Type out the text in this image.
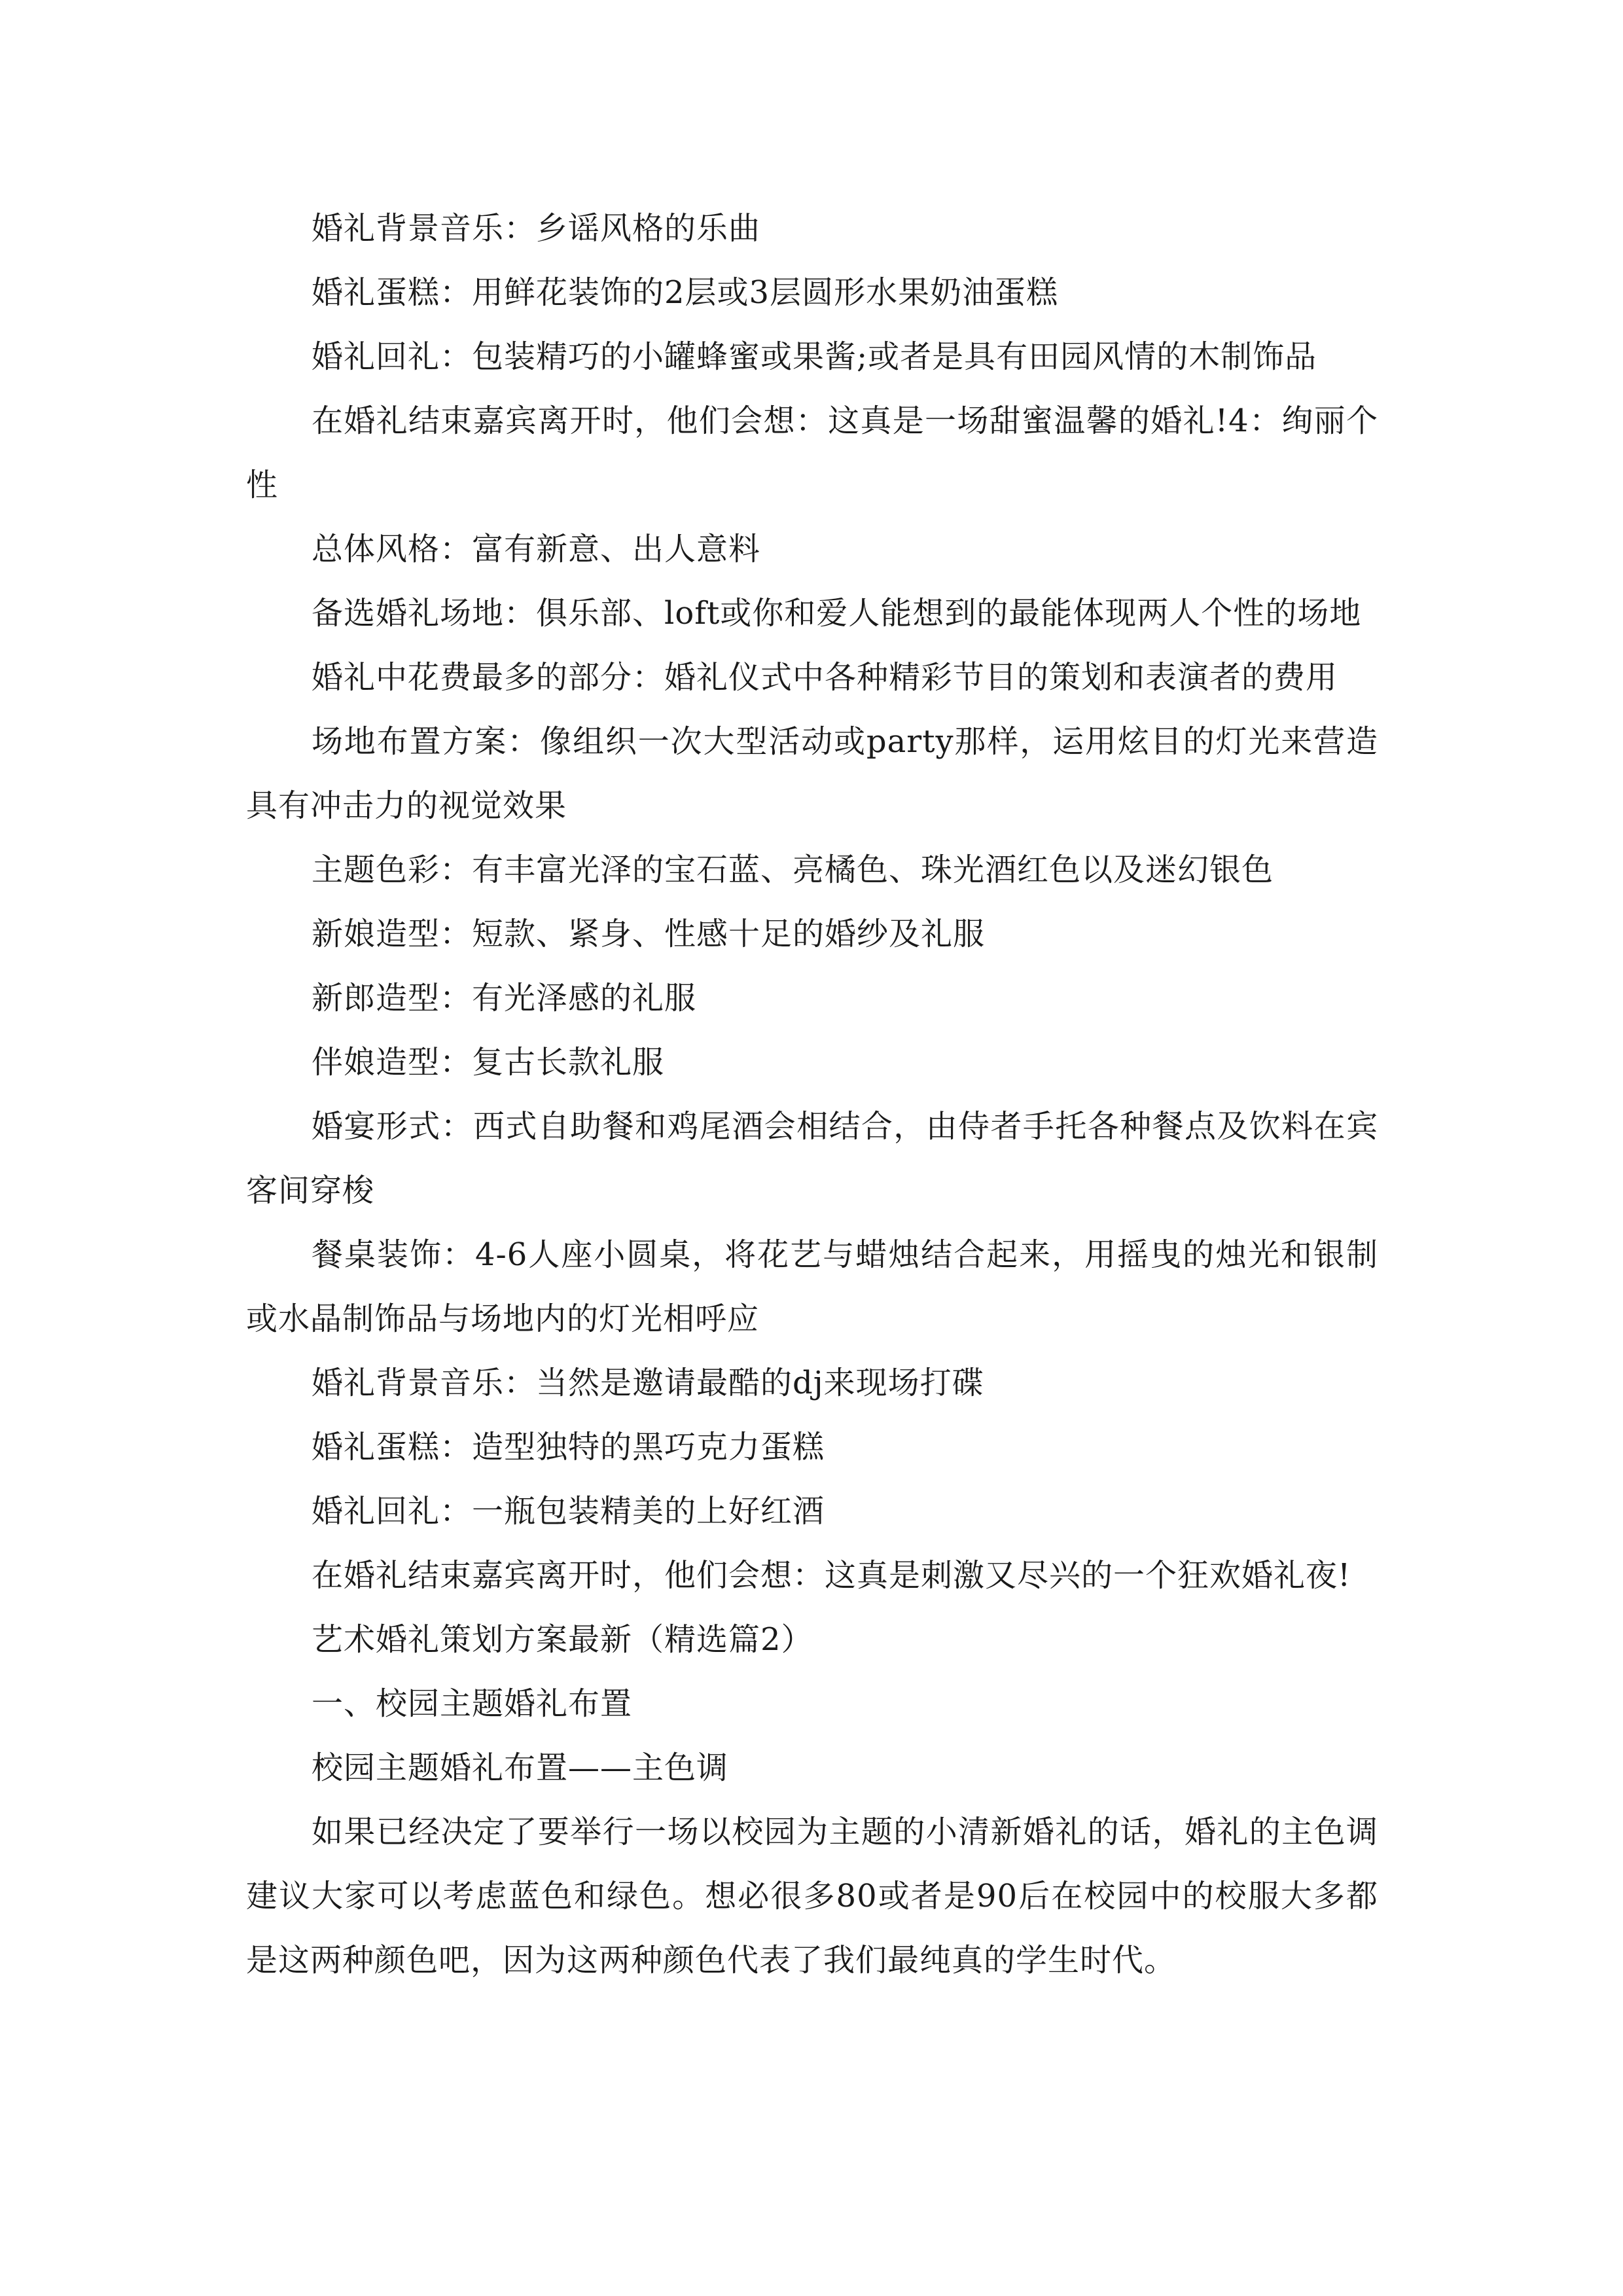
婚礼背景音乐：乡谣风格的乐曲

婚礼蛋糕：用鲜花装饰的2层或3层圆形水果奶油蛋糕

婚礼回礼：包装精巧的小罐蜂蜜或果酱;或者是具有田园风情的木制饰品

在婚礼结束嘉宾离开时，他们会想：这真是一场甜蜜温馨的婚礼!4：绚丽个性

总体风格：富有新意、出人意料

备选婚礼场地：俱乐部、loft或你和爱人能想到的最能体现两人个性的场地

婚礼中花费最多的部分：婚礼仪式中各种精彩节目的策划和表演者的费用

场地布置方案：像组织一次大型活动或party那样，运用炫目的灯光来营造具有冲击力的视觉效果

主题色彩：有丰富光泽的宝石蓝、亮橘色、珠光酒红色以及迷幻银色

新娘造型：短款、紧身、性感十足的婚纱及礼服

新郎造型：有光泽感的礼服

伴娘造型：复古长款礼服

婚宴形式：西式自助餐和鸡尾酒会相结合，由侍者手托各种餐点及饮料在宾客间穿梭

餐桌装饰：4-6人座小圆桌，将花艺与蜡烛结合起来，用摇曳的烛光和银制或水晶制饰品与场地内的灯光相呼应

婚礼背景音乐：当然是邀请最酷的dj来现场打碟

婚礼蛋糕：造型独特的黑巧克力蛋糕

婚礼回礼：一瓶包装精美的上好红酒

在婚礼结束嘉宾离开时，他们会想：这真是刺激又尽兴的一个狂欢婚礼夜!

艺术婚礼策划方案最新（精选篇2）

一、校园主题婚礼布置

校园主题婚礼布置——主色调

如果已经决定了要举行一场以校园为主题的小清新婚礼的话，婚礼的主色调建议大家可以考虑蓝色和绿色。想必很多80或者是90后在校园中的校服大多都是这两种颜色吧，因为这两种颜色代表了我们最纯真的学生时代。
